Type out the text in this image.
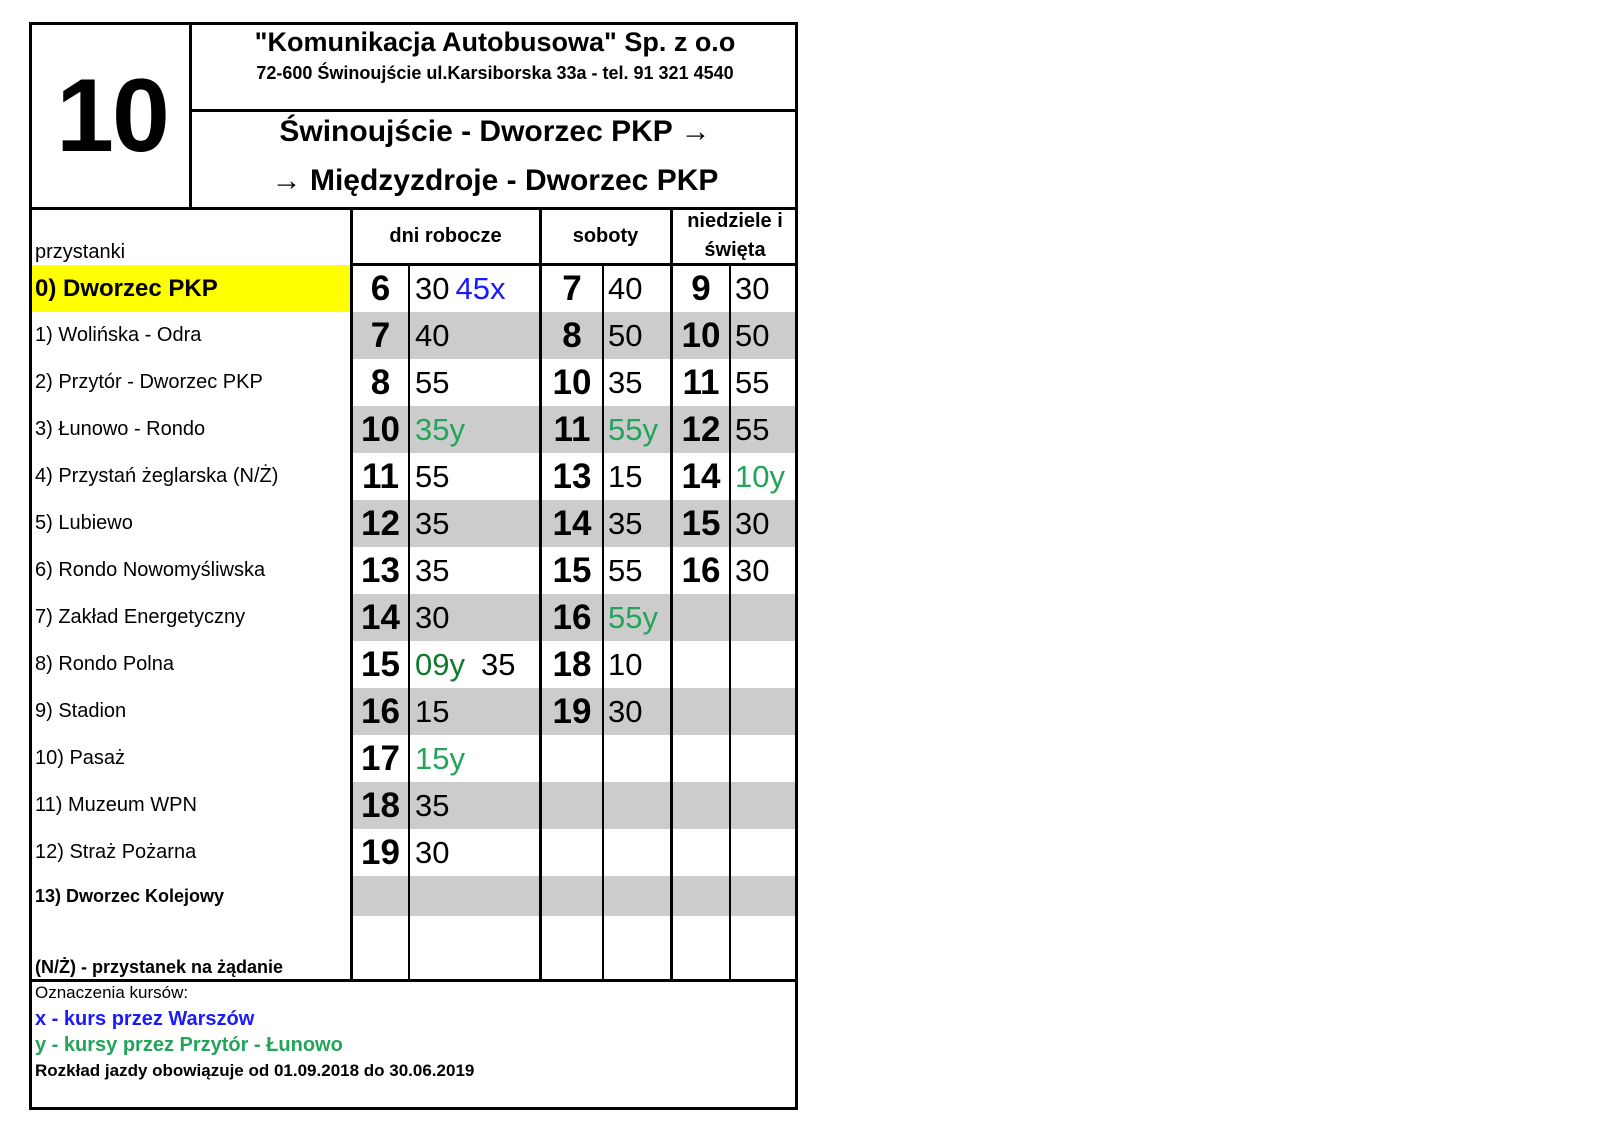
10
"Komunikacja Autobusowa" Sp. z o.o
72-600 Świnoujście ul.Karsiborska 33a - tel. 91 321 4540
Świnoujście - Dworzec PKP →
→ Międzyzdroje - Dworzec PKP
przystanki
dni robocze	soboty
niedziele i
święta
0) Dworzec PKP
1) Wolińska - Odra
2) Przytór - Dworzec PKP
3) Łunowo - Rondo
4) Przystań żeglarska (N/Ż)
5) Lubiewo
6) Rondo Nowomyśliwska
7) Zakład Energetyczny
8) Rondo Polna
9) Stadion
10) Pasaż
11) Muzeum WPN
12) Straż Pożarna
13) Dworzec Kolejowy
6 30 45x
7 40
8 55
10 35y
11 55
12 35
13 35
14 30
15 09y 35
16 15
17 15y
18 35
19 30
7 40
8 50
10 35
11 55y
13 15
14 35
15 55
16 55y
18 10
19 30
9 30
10 50
11 55
12 55
14 10y
15 30
16 30
(N/Ż) - przystanek na żądanie
Oznaczenia kursów:
x - kurs przez Warszów
y - kursy przez Przytór - Łunowo
Rozkład jazdy obowiązuje od 01.09.2018 do 30.06.2019
